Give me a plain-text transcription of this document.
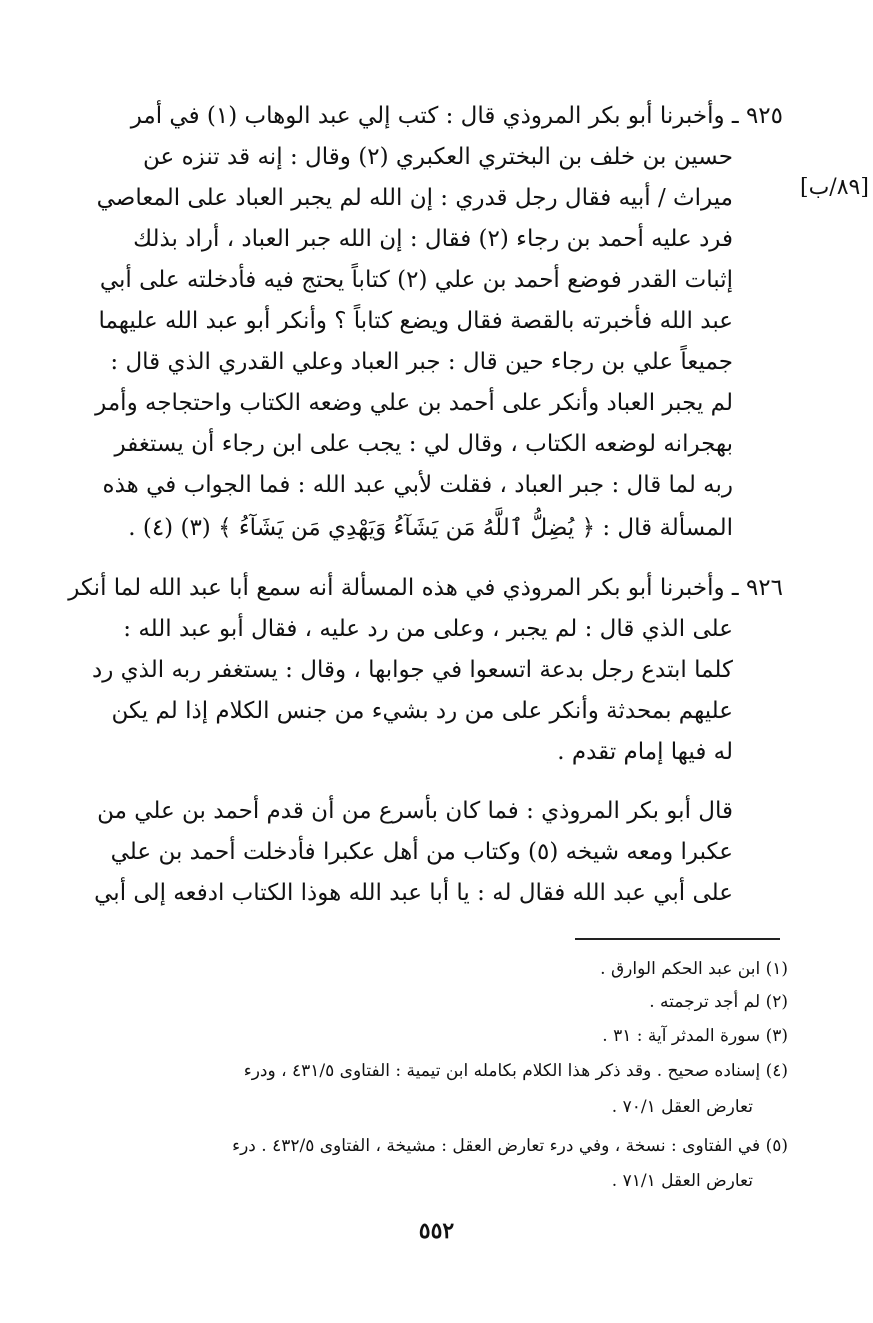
[٨٩/ب]
٩٢٥ ـ وأخبرنا أبو بكر المروذي قال : كتب إلي عبد الوهاب (١) في أمر
حسين بن خلف بن البختري العكبري (٢) وقال : إنه قد تنزه عن
ميراث / أبيه فقال رجل قدري : إن الله لم يجبر العباد على المعاصي
فرد عليه أحمد بن رجاء (٢) فقال : إن الله جبر العباد ، أراد بذلك
إثبات القدر فوضع أحمد بن علي (٢) كتاباً يحتج فيه فأدخلته على أبي
عبد الله فأخبرته بالقصة فقال ويضع كتاباً ؟ وأنكر أبو عبد الله عليهما
جميعاً علي بن رجاء حين قال : جبر العباد وعلي القدري الذي قال :
لم يجبر العباد وأنكر على أحمد بن علي وضعه الكتاب واحتجاجه وأمر
بهجرانه لوضعه الكتاب ، وقال لي : يجب على ابن رجاء أن يستغفر
ربه لما قال : جبر العباد ، فقلت لأبي عبد الله : فما الجواب في هذه
المسألة قال : ﴿ يُضِلُّ ٱللَّهُ مَن يَشَآءُ وَيَهْدِي مَن يَشَآءُ ﴾ (٣) (٤) .
٩٢٦ ـ وأخبرنا أبو بكر المروذي في هذه المسألة أنه سمع أبا عبد الله لما أنكر
على الذي قال : لم يجبر ، وعلى من رد عليه ، فقال أبو عبد الله :
كلما ابتدع رجل بدعة اتسعوا في جوابها ، وقال : يستغفر ربه الذي رد
عليهم بمحدثة وأنكر على من رد بشيء من جنس الكلام إذا لم يكن
له فيها إمام تقدم .
قال أبو بكر المروذي : فما كان بأسرع من أن قدم أحمد بن علي من
عكبرا ومعه شيخه (٥) وكتاب من أهل عكبرا فأدخلت أحمد بن علي
على أبي عبد الله فقال له : يا أبا عبد الله هوذا الكتاب ادفعه إلى أبي
(١) ابن عبد الحكم الوارق .
(٢) لم أجد ترجمته .
(٣) سورة المدثر آية : ٣١ .
(٤) إسناده صحيح . وقد ذكر هذا الكلام بكامله ابن تيمية : الفتاوى ٤٣١/٥ ، ودرء
تعارض العقل ٧٠/١ .
(٥) في الفتاوى : نسخة ، وفي درء تعارض العقل : مشيخة ، الفتاوى ٤٣٢/٥ . درء
تعارض العقل ٧١/١ .
٥٥٢
